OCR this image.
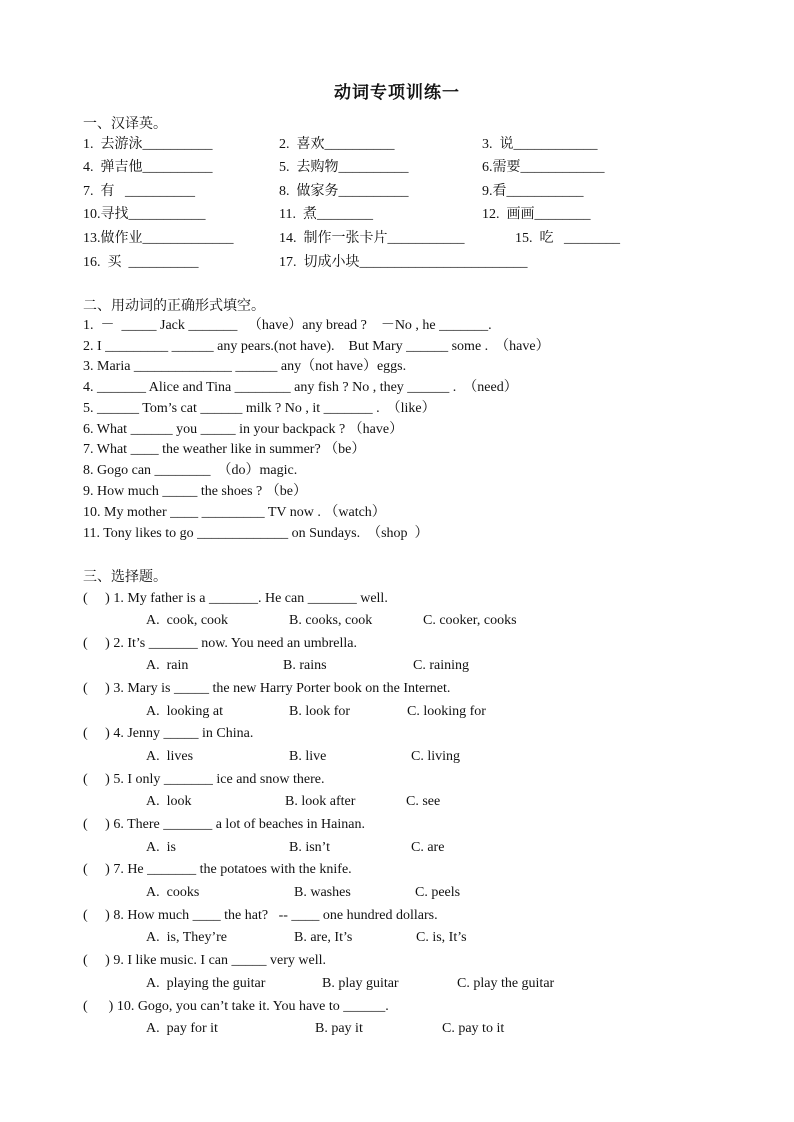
动词专项训练一
一、汉译英。
1.  去游泳__________	2.  喜欢__________	3.  说____________
4.  弹吉他__________	5.  去购物__________	6.需要____________
7.  有   __________	8.  做家务__________	9.看___________
10.寻找___________	11.  煮________	12.  画画________
13.做作业_____________	14.  制作一张卡片___________	15.  吃   ________
16.  买  __________	17.  切成小块________________________
二、用动词的正确形式填空。
1.  －  _____ Jack _______   （have）any bread ?    －No , he _______.
2. I _________ ______ any pears.(not have).    But Mary ______ some .  （have）
3. Maria ______________ ______ any（not have）eggs.
4. _______ Alice and Tina ________ any fish ? No , they ______ .  （need）
5. ______ Tom’s cat ______ milk ? No , it _______ .  （like）
6. What ______ you _____ in your backpack ? （have）
7. What ____ the weather like in summer? （be）
8. Gogo can ________  （do）magic.
9. How much _____ the shoes ? （be）
10. My mother ____ _________ TV now . （watch）
11. Tony likes to go _____________ on Sundays.  （shop  ）
三、选择题。
(     ) 1. My father is a _______. He can _______ well.
A.  cook, cook	B. cooks, cook	C. cooker, cooks
(     ) 2. It’s _______ now. You need an umbrella.
A.  rain	B. rains	C. raining
(     ) 3. Mary is _____ the new Harry Porter book on the Internet.
A.  looking at	B. look for	C. looking for
(     ) 4. Jenny _____ in China.
A.  lives	B. live	C. living
(     ) 5. I only _______ ice and snow there.
A.  look	B. look after	C. see
(     ) 6. There _______ a lot of beaches in Hainan.
A.  is	B. isn’t	C. are
(     ) 7. He _______ the potatoes with the knife.
A.  cooks	B. washes	C. peels
(     ) 8. How much ____ the hat?   -- ____ one hundred dollars.
A.  is, They’re	B. are, It’s	C. is, It’s
(     ) 9. I like music. I can _____ very well.
A.  playing the guitar	B. play guitar	C. play the guitar
(      ) 10. Gogo, you can’t take it. You have to ______.
A.  pay for it	B. pay it	C. pay to it
